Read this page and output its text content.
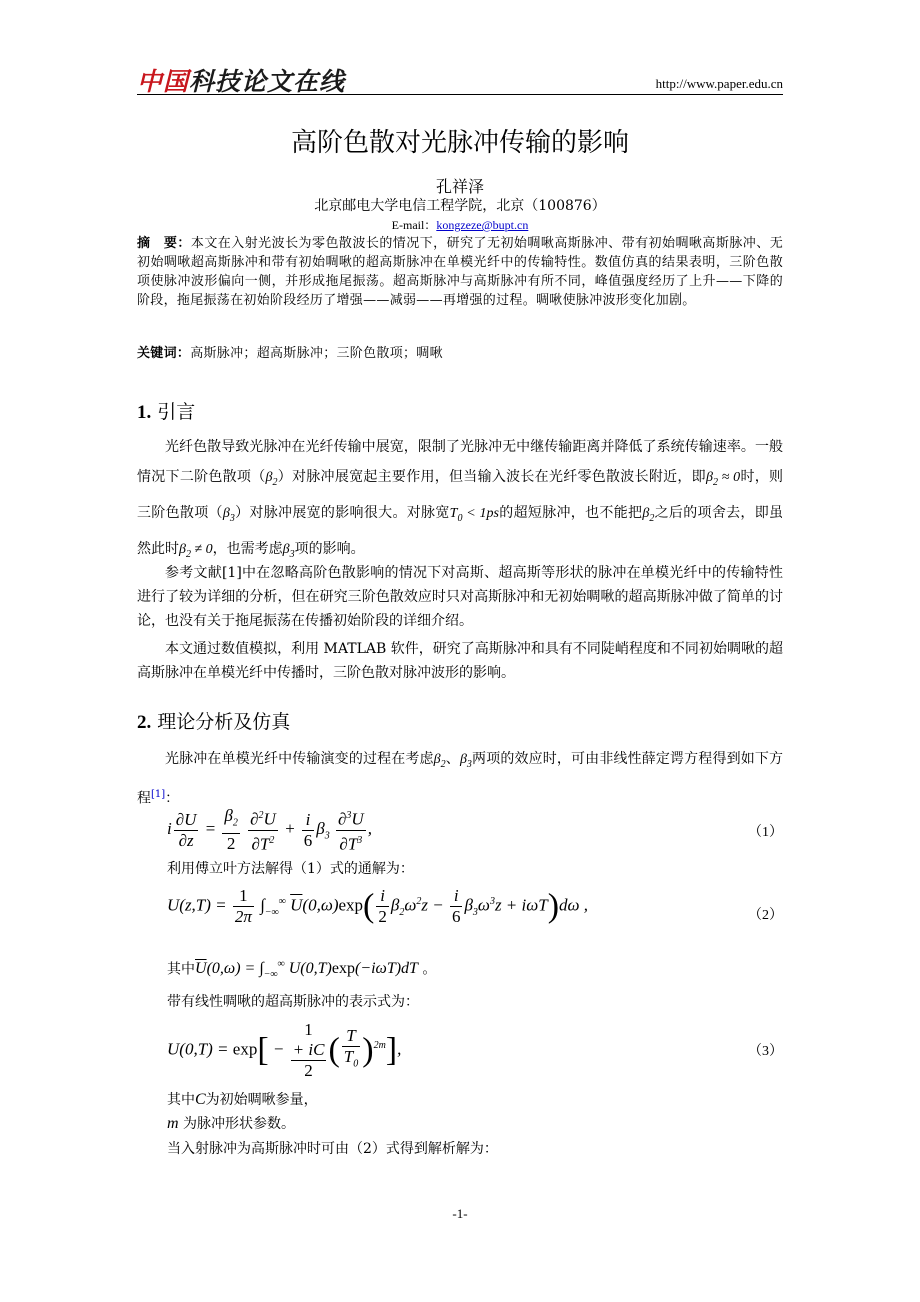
中国科技论文在线	http://www.paper.edu.cn
高阶色散对光脉冲传输的影响
孔祥泽
北京邮电大学电信工程学院，北京（100876）
E-mail：kongzeze@bupt.cn
摘　要：本文在入射光波长为零色散波长的情况下，研究了无初始啁啾高斯脉冲、带有初始啁啾高斯脉冲、无初始啁啾超高斯脉冲和带有初始啁啾的超高斯脉冲在单模光纤中的传输特性。数值仿真的结果表明，三阶色散项使脉冲波形偏向一侧，并形成拖尾振荡。超高斯脉冲与高斯脉冲有所不同，峰值强度经历了上升——下降的阶段，拖尾振荡在初始阶段经历了增强——减弱——再增强的过程。啁啾使脉冲波形变化加剧。
关键词：高斯脉冲；超高斯脉冲；三阶色散项；啁啾
1. 引言
光纤色散导致光脉冲在光纤传输中展宽，限制了光脉冲无中继传输距离并降低了系统传输速率。一般情况下二阶色散项$(\beta_2)$对脉冲展宽起主要作用，但当输入波长在光纤零色散波长附近，即$\beta_2 \approx 0$时，则三阶色散项$(\beta_3)$对脉冲展宽的影响很大。对脉宽$T_0 < 1ps$的超短脉冲，也不能把$\beta_2$之后的项舍去，即虽然此时$\beta_2 \ne 0$，也需考虑$\beta_3$项的影响。
参考文献[1]中在忽略高阶色散影响的情况下对高斯、超高斯等形状的脉冲在单模光纤中的传输特性进行了较为详细的分析，但在研究三阶色散效应时只对高斯脉冲和无初始啁啾的超高斯脉冲做了简单的讨论，也没有关于拖尾振荡在传播初始阶段的详细介绍。
本文通过数值模拟，利用 MATLAB 软件，研究了高斯脉冲和具有不同陡峭程度和不同初始啁啾的超高斯脉冲在单模光纤中传播时，三阶色散对脉冲波形的影响。
2. 理论分析及仿真
光脉冲在单模光纤中传输演变的过程在考虑$\beta_2$、$\beta_3$两项的效应时，可由非线性薛定谔方程得到如下方程[1]：
i $\frac{\partial U}{\partial z} = \frac{\beta_2}{2}$
$\frac{\partial^2U}{\partial T^2} + \frac{i}{6} \beta_3 \frac{\partial^3U}{\partial T^3}$ ,	（1）
利用傅立叶方法解得（1）式的通解为：
$U(z,T) = \frac{1}{2\pi} \int_{-\infty}^\infty$ $\overline{U}(0,\omega)\exp( \frac{i}{2} \beta_2\omega^2z - \frac{i}{6} \beta_3\omega^3z + i\omega T)d\omega$ ,
（2）
其中$\overline{U}(0,\omega) = \int_{-\infty}^\infty$ U(0,T)exp(−iωT)dT 。
带有线性啁啾的超高斯脉冲的表示式为：
U(0,T) = exp[ − 1
+ iC
2 ( $\frac{T}{T_0} )^{2m}$],	（3）
其中C为初始啁啾参量，
m 为脉冲形状参数。
当入射脉冲为高斯脉冲时可由（2）式得到解析解为：
-1-
